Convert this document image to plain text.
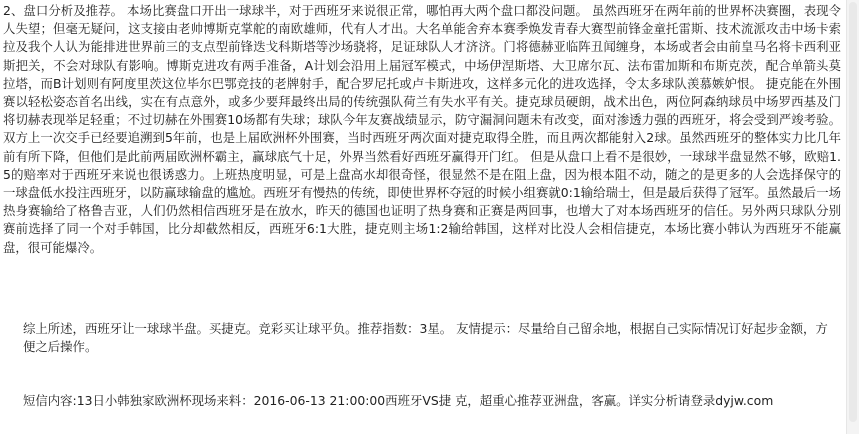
2、盘口分析及推荐。 本场比赛盘口开出一球球半，对于西班牙来说很正常，哪怕再大两个盘口都没问题。 虽然西班牙在两年前的世界杯决赛圈，表现令人失望；但毫无疑问，这支接由老帅博斯克掌舵的南欧雄师，代有人才出。大名单能舍弃本赛季焕发青春大赛型前锋金童托雷斯、技术流派攻击中场卡索拉及我个人认为能排进世界前三的支点型前锋迭戈科斯塔等沙场骁将，足证球队人才济济。门将德赫亚临阵丑闻缠身，本场或者会由前皇马名将卡西利亚斯把关，不会对球队有影响。博斯克进攻有两手准备，A计划会沿用上届冠军模式，中场伊涅斯塔、大卫席尔瓦、法布雷加斯和布斯克茨，配合单箭头莫拉塔，而B计划则有阿度里茨这位毕尔巴鄂竞技的老牌射手，配合罗尼托或卢卡斯进攻，这样多元化的进攻选择，令太多球队羡慕嫉妒恨。 捷克能在外围赛以轻松姿态首名出线，实在有点意外，或多少要拜最终出局的传统强队荷兰有失水平有关。捷克球员硬朗，战术出色，两位阿森纳球员中场罗西基及门将切赫表现举足轻重；不过切赫在外围赛10场都有失球；球队今年友赛战绩显示，防守漏洞问题未有改变，面对渗透力强的西班牙，将会受到严竣考验。 双方上一次交手已经要追溯到5年前，也是上届欧洲杯外围赛，当时西班牙两次面对捷克取得全胜，而且两次都能射入2球。虽然西班牙的整体实力比几年前有所下降，但他们是此前两届欧洲杯霸主，赢球底气十足，外界当然看好西班牙赢得开门红。 但是从盘口上看不是很妙，一球球半盘显然不够，欧赔1.5的赔率对于西班牙来说也很诱惑力。上班热度明显，可是上盘高水却很奇怪，很显然不是在阻上盘，因为根本阻不动，随之的是更多的人会选择保守的一球盘低水投注西班牙，以防赢球输盘的尴尬。西班牙有慢热的传统，即使世界杯夺冠的时候小组赛就0:1输给瑞士，但是最后获得了冠军。虽然最后一场热身赛输给了格鲁吉亚，人们仍然相信西班牙是在放水，昨天的德国也证明了热身赛和正赛是两回事，也增大了对本场西班牙的信任。另外两只球队分别赛前选择了同一个对手韩国，比分却截然相反，西班牙6:1大胜，捷克则主场1:2输给韩国，这样对比没人会相信捷克，本场比赛小韩认为西班牙不能赢盘，很可能爆冷。

综上所述，西班牙让一球球半盘。买捷克。竞彩买让球平负。推荐指数：3星。 友情提示：尽量给自己留余地，根据自己实际情况订好起步金额，方便之后操作。
短信内容:13日小韩独家欧洲杯现场来料：2016-06-13 21:00:00西班牙VS捷 克，超重心推荐亚洲盘，客赢。详实分析请登录dyjw.com
